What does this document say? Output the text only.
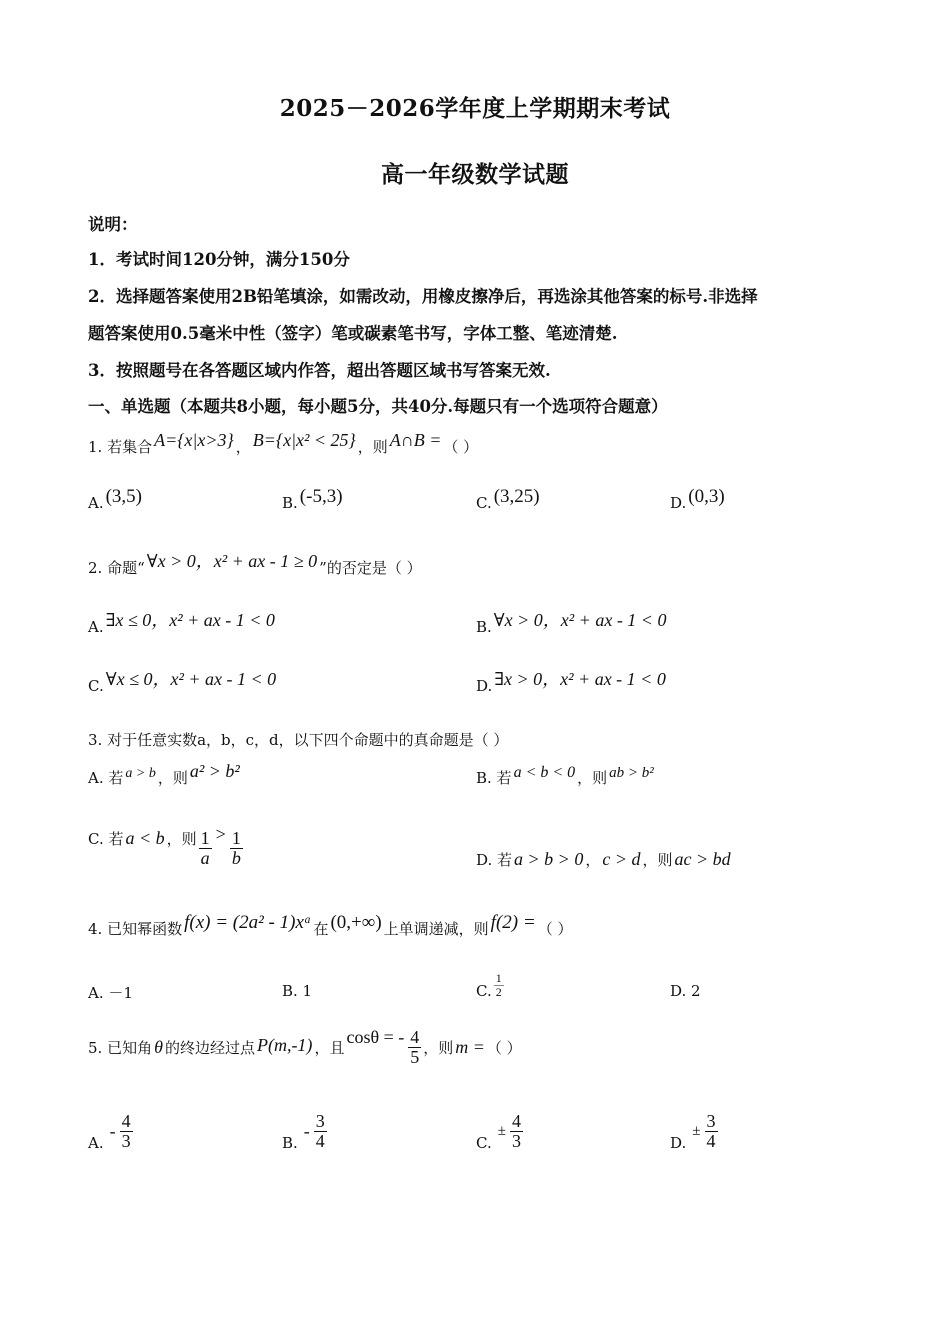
2025－2026学年度上学期期末考试
高一年级数学试题
说明：
1．考试时间120分钟，满分150分
2．选择题答案使用2B铅笔填涂，如需改动，用橡皮擦净后，再选涂其他答案的标号.非选择
题答案使用0.5毫米中性（签字）笔或碳素笔书写，字体工整、笔迹清楚.
3．按照题号在各答题区域内作答，超出答题区域书写答案无效.
一、单选题（本题共8小题，每小题5分，共40分.每题只有一个选项符合题意）
1. 若集合 A={x|x>3} ， B={x|x² < 25} ，则 A∩B = （ ）
A. (3,5)	B. (-5,3)	C. (3,25)	D. (0,3)
2. 命题“ ∀x > 0，x² + ax - 1 ≥ 0 ”的否定是（ ）
A. ∃x ≤ 0，x² + ax - 1 < 0	B. ∀x > 0，x² + ax - 1 < 0
C. ∀x ≤ 0，x² + ax - 1 < 0	D. ∃x > 0，x² + ax - 1 < 0
3. 对于任意实数a，b，c，d，以下四个命题中的真命题是（ ）
A. 若 a > b ，则 a² > b²	B. 若 a < b < 0 ，则 ab > b²
C. 若 a < b ，则 $\frac{1}{a} > \frac{1}{b}$	D. 若 a > b > 0 ， c > d ，则 ac > bd
4. 已知幂函数 f(x) = (2a² - 1)xᵃ 在 (0,+∞) 上单调递减，则 f(2) = （ ）
A. －1	B. 1	C. $\frac{1}{2}$	D. 2
5. 已知角 θ 的终边经过点 P(m,-1) ，且
cosθ = - $\frac{4}{5}$ ，则 m = （ ）
A.
- $\frac{4}{3}$	B.
- $\frac{3}{4}$	C.
± $\frac{4}{3}$	D.
± $\frac{3}{4}$
